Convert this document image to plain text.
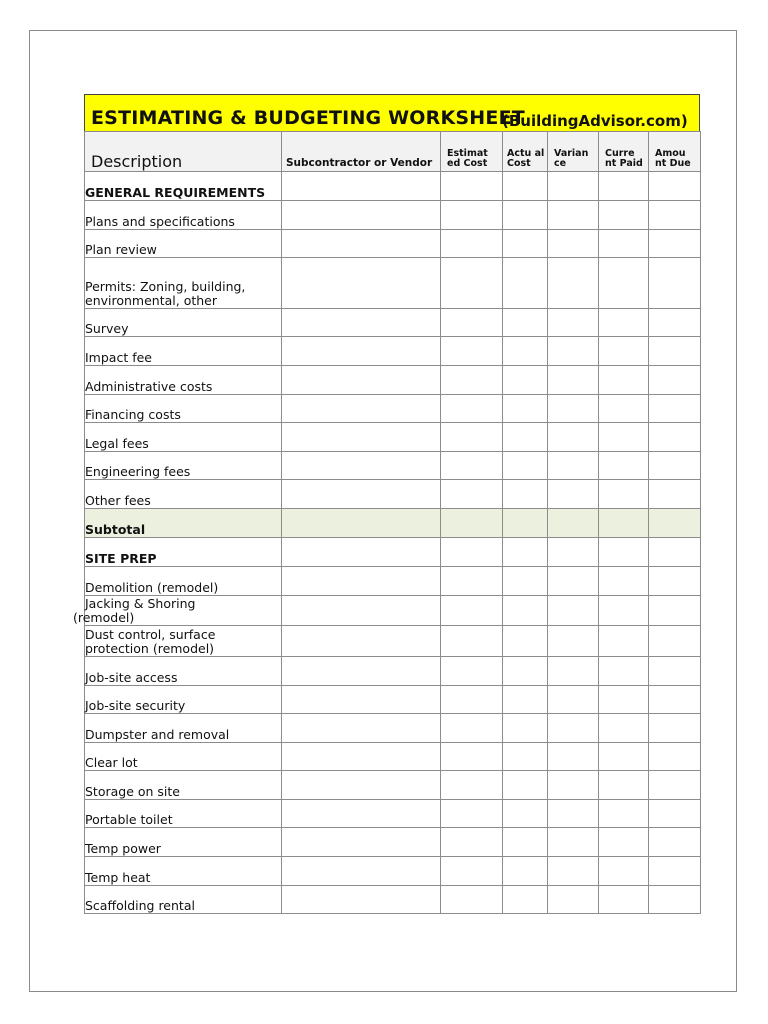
ESTIMATING & BUDGETING WORKSHEET
(BuildingAdvisor.com)
Description	Subcontractor or Vendor	Estimat ed Cost	Actu al Cost	Varian ce	Curre nt Paid	Amou nt Due
GENERAL REQUIREMENTS						
Plans and specifications						
Plan review						
Permits: Zoning, building, environmental, other						
Survey						
Impact fee						
Administrative costs						
Financing costs						
Legal fees						
Engineering fees						
Other fees						
Subtotal						
SITE PREP						
Demolition (remodel)						
Jacking & Shoring
(remodel)						

Dust control, surface protection (remodel)						
Job-site access						
Job-site security						
Dumpster and removal						
Clear lot						
Storage on site						
Portable toilet						
Temp power						
Temp heat						
Scaffolding rental						
